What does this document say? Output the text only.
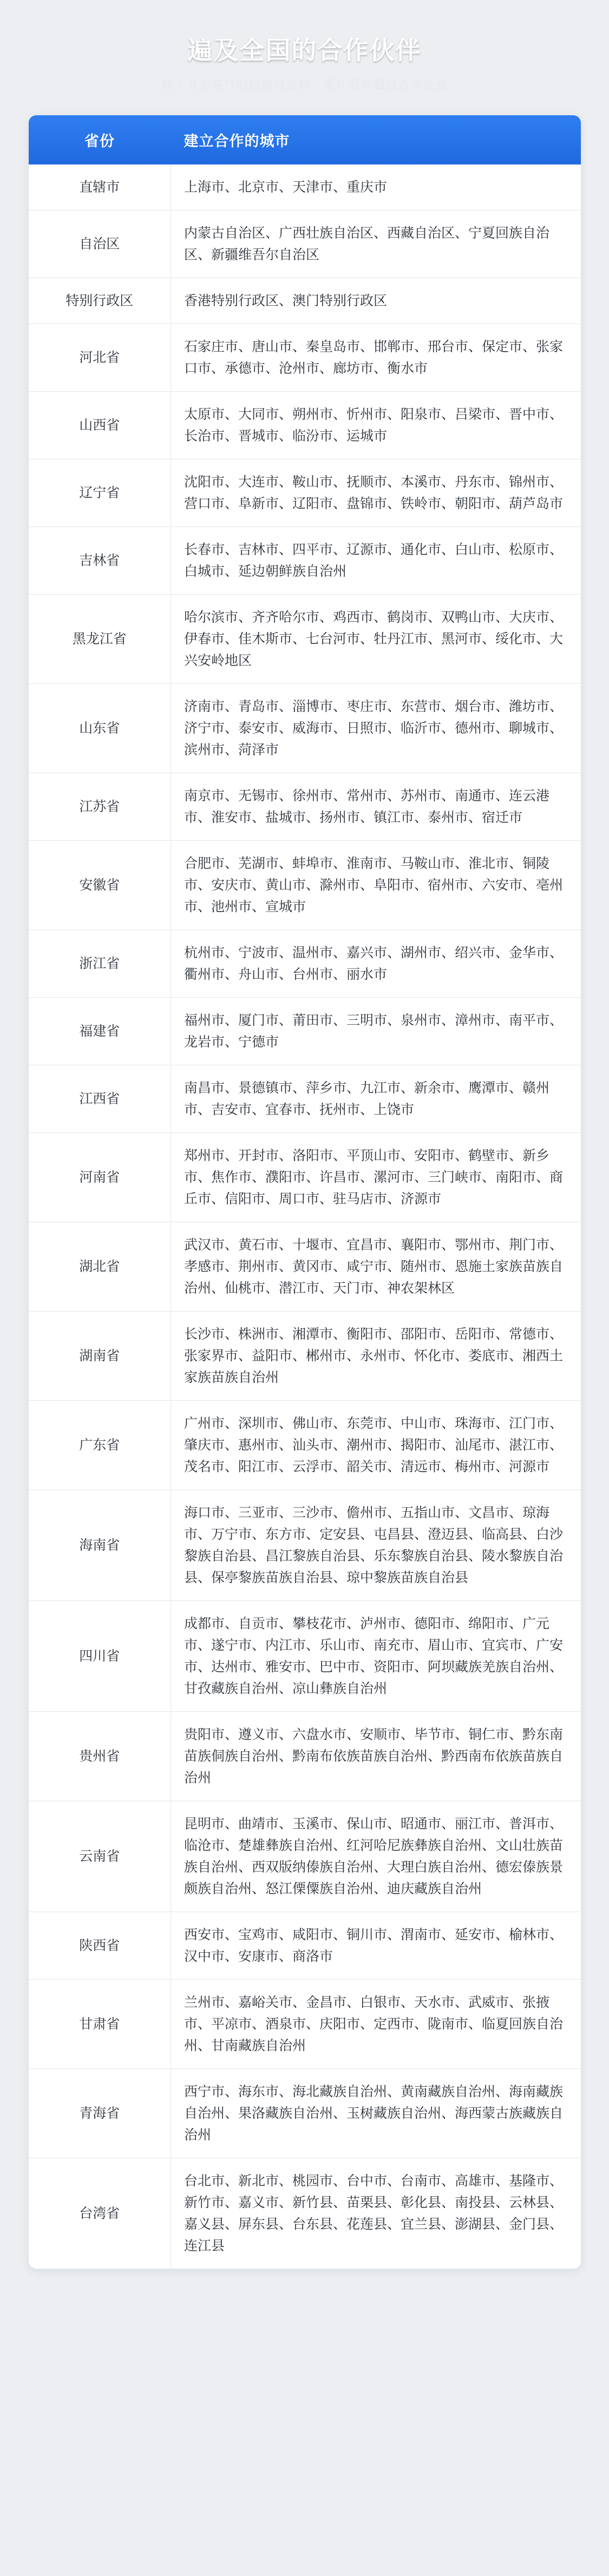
遍及全国的合作伙伴
数十万家客户的信赖与选择，累计服务超过万家企业
省份	建立合作的城市
直辖市	上海市、北京市、天津市、重庆市
自治区	内蒙古自治区、广西壮族自治区、西藏自治区、宁夏回族自治区、新疆维吾尔自治区
特别行政区	香港特别行政区、澳门特别行政区
河北省	石家庄市、唐山市、秦皇岛市、邯郸市、邢台市、保定市、张家口市、承德市、沧州市、廊坊市、衡水市
山西省	太原市、大同市、朔州市、忻州市、阳泉市、吕梁市、晋中市、长治市、晋城市、临汾市、运城市
辽宁省	沈阳市、大连市、鞍山市、抚顺市、本溪市、丹东市、锦州市、营口市、阜新市、辽阳市、盘锦市、铁岭市、朝阳市、葫芦岛市
吉林省	长春市、吉林市、四平市、辽源市、通化市、白山市、松原市、白城市、延边朝鲜族自治州
黑龙江省	哈尔滨市、齐齐哈尔市、鸡西市、鹤岗市、双鸭山市、大庆市、伊春市、佳木斯市、七台河市、牡丹江市、黑河市、绥化市、大兴安岭地区
山东省	济南市、青岛市、淄博市、枣庄市、东营市、烟台市、潍坊市、济宁市、泰安市、威海市、日照市、临沂市、德州市、聊城市、滨州市、菏泽市
江苏省	南京市、无锡市、徐州市、常州市、苏州市、南通市、连云港市、淮安市、盐城市、扬州市、镇江市、泰州市、宿迁市
安徽省	合肥市、芜湖市、蚌埠市、淮南市、马鞍山市、淮北市、铜陵市、安庆市、黄山市、滁州市、阜阳市、宿州市、六安市、亳州市、池州市、宣城市
浙江省	杭州市、宁波市、温州市、嘉兴市、湖州市、绍兴市、金华市、衢州市、舟山市、台州市、丽水市
福建省	福州市、厦门市、莆田市、三明市、泉州市、漳州市、南平市、龙岩市、宁德市
江西省	南昌市、景德镇市、萍乡市、九江市、新余市、鹰潭市、赣州市、吉安市、宜春市、抚州市、上饶市
河南省	郑州市、开封市、洛阳市、平顶山市、安阳市、鹤壁市、新乡市、焦作市、濮阳市、许昌市、漯河市、三门峡市、南阳市、商丘市、信阳市、周口市、驻马店市、济源市
湖北省	武汉市、黄石市、十堰市、宜昌市、襄阳市、鄂州市、荆门市、孝感市、荆州市、黄冈市、咸宁市、随州市、恩施土家族苗族自治州、仙桃市、潜江市、天门市、神农架林区
湖南省	长沙市、株洲市、湘潭市、衡阳市、邵阳市、岳阳市、常德市、张家界市、益阳市、郴州市、永州市、怀化市、娄底市、湘西土家族苗族自治州
广东省	广州市、深圳市、佛山市、东莞市、中山市、珠海市、江门市、肇庆市、惠州市、汕头市、潮州市、揭阳市、汕尾市、湛江市、茂名市、阳江市、云浮市、韶关市、清远市、梅州市、河源市
海南省	海口市、三亚市、三沙市、儋州市、五指山市、文昌市、琼海市、万宁市、东方市、定安县、屯昌县、澄迈县、临高县、白沙黎族自治县、昌江黎族自治县、乐东黎族自治县、陵水黎族自治县、保亭黎族苗族自治县、琼中黎族苗族自治县
四川省	成都市、自贡市、攀枝花市、泸州市、德阳市、绵阳市、广元市、遂宁市、内江市、乐山市、南充市、眉山市、宜宾市、广安市、达州市、雅安市、巴中市、资阳市、阿坝藏族羌族自治州、甘孜藏族自治州、凉山彝族自治州
贵州省	贵阳市、遵义市、六盘水市、安顺市、毕节市、铜仁市、黔东南苗族侗族自治州、黔南布依族苗族自治州、黔西南布依族苗族自治州
云南省	昆明市、曲靖市、玉溪市、保山市、昭通市、丽江市、普洱市、临沧市、楚雄彝族自治州、红河哈尼族彝族自治州、文山壮族苗族自治州、西双版纳傣族自治州、大理白族自治州、德宏傣族景颇族自治州、怒江傈僳族自治州、迪庆藏族自治州
陕西省	西安市、宝鸡市、咸阳市、铜川市、渭南市、延安市、榆林市、汉中市、安康市、商洛市
甘肃省	兰州市、嘉峪关市、金昌市、白银市、天水市、武威市、张掖市、平凉市、酒泉市、庆阳市、定西市、陇南市、临夏回族自治州、甘南藏族自治州
青海省	西宁市、海东市、海北藏族自治州、黄南藏族自治州、海南藏族自治州、果洛藏族自治州、玉树藏族自治州、海西蒙古族藏族自治州
台湾省	台北市、新北市、桃园市、台中市、台南市、高雄市、基隆市、新竹市、嘉义市、新竹县、苗栗县、彰化县、南投县、云林县、嘉义县、屏东县、台东县、花莲县、宜兰县、澎湖县、金门县、连江县
